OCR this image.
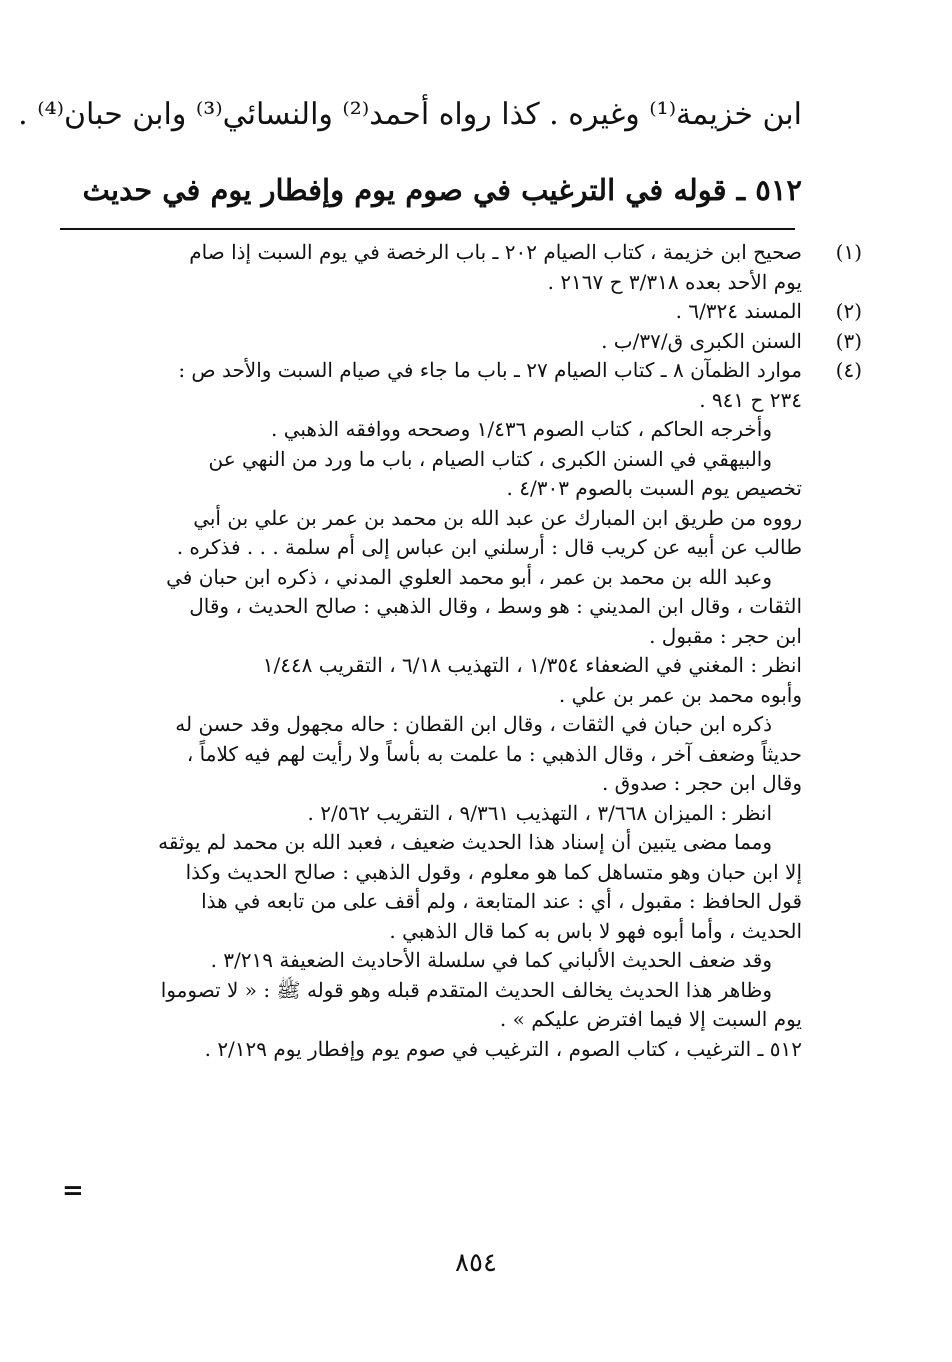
ابن خزيمة⁽¹⁾ وغيره . كذا رواه أحمد⁽²⁾ والنسائي⁽³⁾ وابن حبان⁽⁴⁾ .
٥١٢ ـ قوله في الترغيب في صوم يوم وإفطار يوم في حديث
(١)
صحيح ابن خزيمة ، كتاب الصيام ٢٠٢ ـ باب الرخصة في يوم السبت إذا صام
يوم الأحد بعده ٣/٣١٨ ح ٢١٦٧ .
(٢)
المسند ٦/٣٢٤ .
(٣)
السنن الكبرى ق/٣٧/ب .
(٤)
موارد الظمآن ٨ ـ كتاب الصيام ٢٧ ـ باب ما جاء في صيام السبت والأحد ص :
٢٣٤ ح ٩٤١ .
وأخرجه الحاكم ، كتاب الصوم ١/٤٣٦ وصححه ووافقه الذهبي .
والبيهقي في السنن الكبرى ، كتاب الصيام ، باب ما ورد من النهي عن
تخصيص يوم السبت بالصوم ٤/٣٠٣ .
رووه من طريق ابن المبارك عن عبد الله بن محمد بن عمر بن علي بن أبي
طالب عن أبيه عن كريب قال : أرسلني ابن عباس إلى أم سلمة . . . فذكره .
وعبد الله بن محمد بن عمر ، أبو محمد العلوي المدني ، ذكره ابن حبان في
الثقات ، وقال ابن المديني : هو وسط ، وقال الذهبي : صالح الحديث ، وقال
ابن حجر : مقبول .
انظر : المغني في الضعفاء ١/٣٥٤ ، التهذيب ٦/١٨ ، التقريب ١/٤٤٨
وأبوه محمد بن عمر بن علي .
ذكره ابن حبان في الثقات ، وقال ابن القطان : حاله مجهول وقد حسن له
حديثاً وضعف آخر ، وقال الذهبي : ما علمت به بأساً ولا رأيت لهم فيه كلاماً ،
وقال ابن حجر : صدوق .
انظر : الميزان ٣/٦٦٨ ، التهذيب ٩/٣٦١ ، التقريب ٢/٥٦٢ .
ومما مضى يتبين أن إسناد هذا الحديث ضعيف ، فعبد الله بن محمد لم يوثقه
إلا ابن حبان وهو متساهل كما هو معلوم ، وقول الذهبي : صالح الحديث وكذا
قول الحافظ : مقبول ، أي : عند المتابعة ، ولم أقف على من تابعه في هذا
الحديث ، وأما أبوه فهو لا باس به كما قال الذهبي .
وقد ضعف الحديث الألباني كما في سلسلة الأحاديث الضعيفة ٣/٢١٩ .
وظاهر هذا الحديث يخالف الحديث المتقدم قبله وهو قوله ﷺ : « لا تصوموا
يوم السبت إلا فيما افترض عليكم » .
٥١٢ ـ الترغيب ، كتاب الصوم ، الترغيب في صوم يوم وإفطار يوم ٢/١٢٩ .
=
٨٥٤
